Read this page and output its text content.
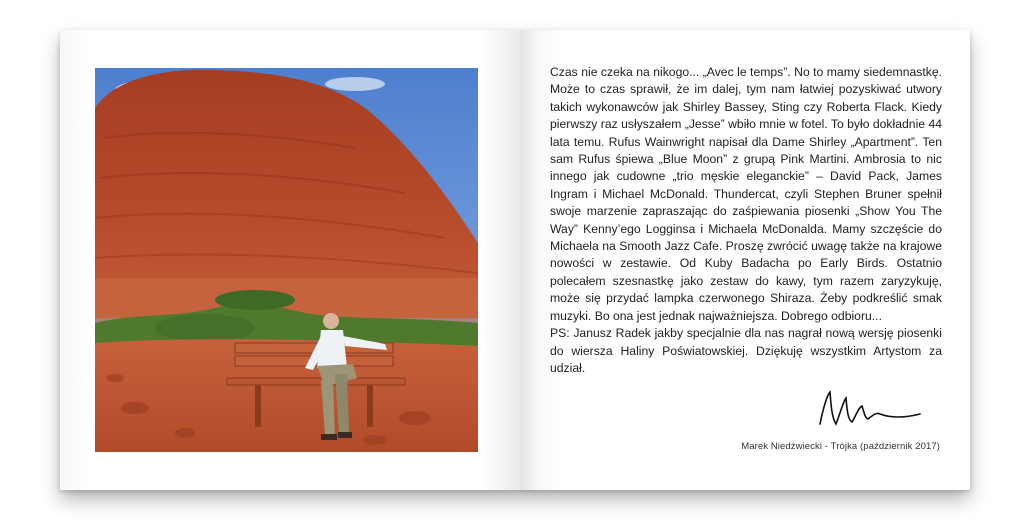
Czas nie czeka na nikogo... „Avec le temps”. No to mamy siedemnastkę. Może to czas sprawił, że im dalej, tym nam łatwiej pozyskiwać utwory takich wykonawców jak Shirley Bassey, Sting czy Roberta Flack. Kiedy pierwszy raz usłyszałem „Jesse” wbiło mnie w fotel. To było dokładnie 44 lata temu. Rufus Wainwright napisał dla Dame Shirley „Apartment”. Ten sam Rufus śpiewa „Blue Moon” z grupą Pink Martini. Ambrosia to nic innego jak cudowne „trio męskie eleganckie” – David Pack, James Ingram i Michael McDonald. Thundercat, czyli Stephen Bruner spełnił swoje marzenie zapraszając do zaśpiewania piosenki „Show You The Way” Kenny’ego Logginsa i Michaela McDonalda. Mamy szczęście do Michaela na Smooth Jazz Cafe. Proszę zwrócić uwagę także na krajowe nowości w zestawie. Od Kuby Badacha po Early Birds. Ostatnio polecałem szesnastkę jako zestaw do kawy, tym razem zaryzykuję, może się przydać lampka czerwonego Shiraza. Żeby podkreślić smak muzyki. Bo ona jest jednak najważniejsza. Dobrego odbioru...

PS: Janusz Radek jakby specjalnie dla nas nagrał nową wersję piosenki do wiersza Haliny Poświatowskiej. Dziękuję wszystkim Artystom za udział.

Marek Niedźwiecki - Trójka (październik 2017)
